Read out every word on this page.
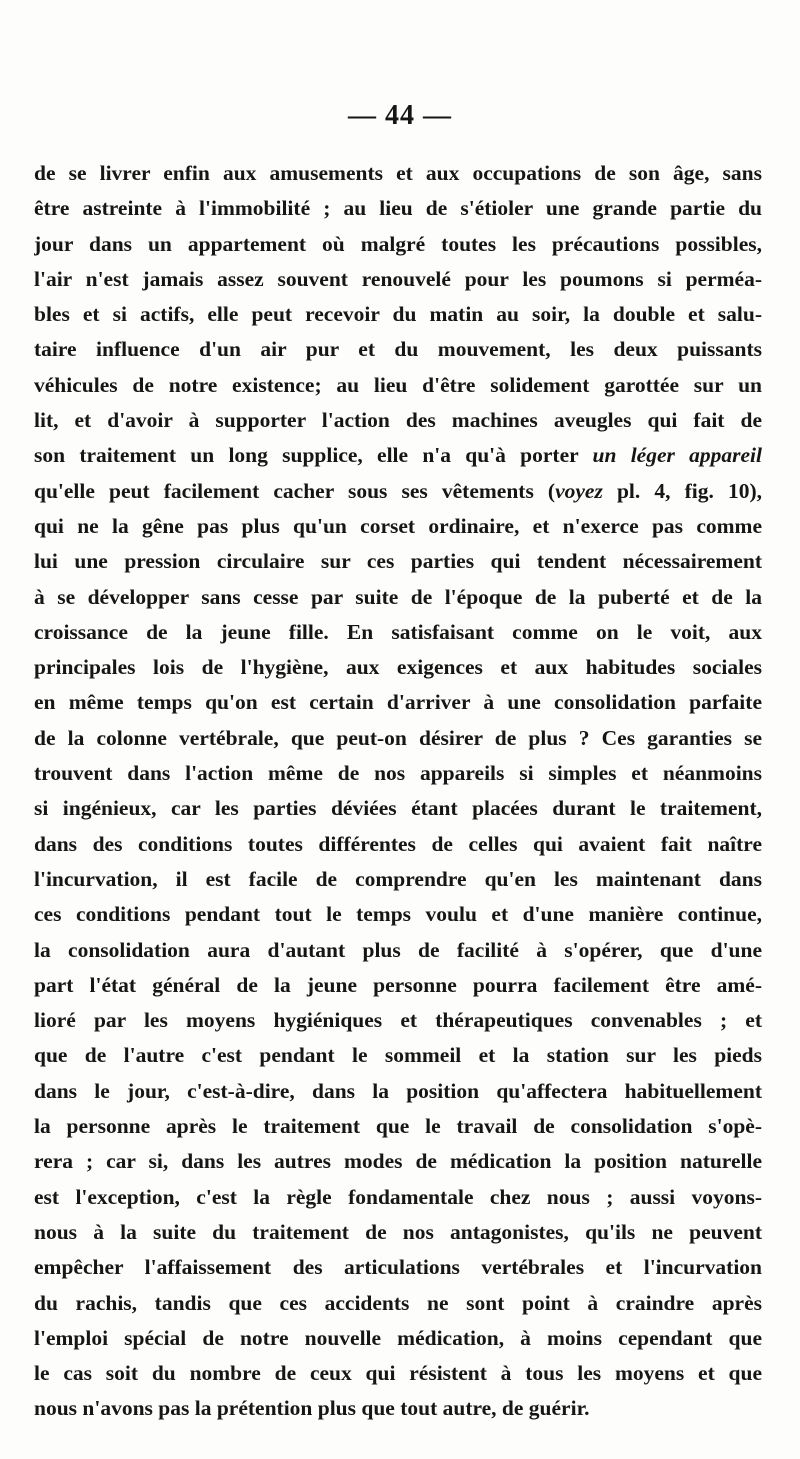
— 44 —
de se livrer enfin aux amusements et aux occupations de son âge, sans
être astreinte à l'immobilité ; au lieu de s'étioler une grande partie du
jour dans un appartement où malgré toutes les précautions possibles,
l'air n'est jamais assez souvent renouvelé pour les poumons si perméa-
bles et si actifs, elle peut recevoir du matin au soir, la double et salu-
taire influence d'un air pur et du mouvement, les deux puissants
véhicules de notre existence; au lieu d'être solidement garottée sur un
lit, et d'avoir à supporter l'action des machines aveugles qui fait de
son traitement un long supplice, elle n'a qu'à porter un léger appareil
qu'elle peut facilement cacher sous ses vêtements (voyez pl. 4, fig. 10),
qui ne la gêne pas plus qu'un corset ordinaire, et n'exerce pas comme
lui une pression circulaire sur ces parties qui tendent nécessairement
à se développer sans cesse par suite de l'époque de la puberté et de la
croissance de la jeune fille. En satisfaisant comme on le voit, aux
principales lois de l'hygiène, aux exigences et aux habitudes sociales
en même temps qu'on est certain d'arriver à une consolidation parfaite
de la colonne vertébrale, que peut-on désirer de plus ? Ces garanties se
trouvent dans l'action même de nos appareils si simples et néanmoins
si ingénieux, car les parties déviées étant placées durant le traitement,
dans des conditions toutes différentes de celles qui avaient fait naître
l'incurvation, il est facile de comprendre qu'en les maintenant dans
ces conditions pendant tout le temps voulu et d'une manière continue,
la consolidation aura d'autant plus de facilité à s'opérer, que d'une
part l'état général de la jeune personne pourra facilement être amé-
lioré par les moyens hygiéniques et thérapeutiques convenables ; et
que de l'autre c'est pendant le sommeil et la station sur les pieds
dans le jour, c'est-à-dire, dans la position qu'affectera habituellement
la personne après le traitement que le travail de consolidation s'opè-
rera ; car si, dans les autres modes de médication la position naturelle
est l'exception, c'est la règle fondamentale chez nous ; aussi voyons-
nous à la suite du traitement de nos antagonistes, qu'ils ne peuvent
empêcher l'affaissement des articulations vertébrales et l'incurvation
du rachis, tandis que ces accidents ne sont point à craindre après
l'emploi spécial de notre nouvelle médication, à moins cependant que
le cas soit du nombre de ceux qui résistent à tous les moyens et que
nous n'avons pas la prétention plus que tout autre, de guérir.
